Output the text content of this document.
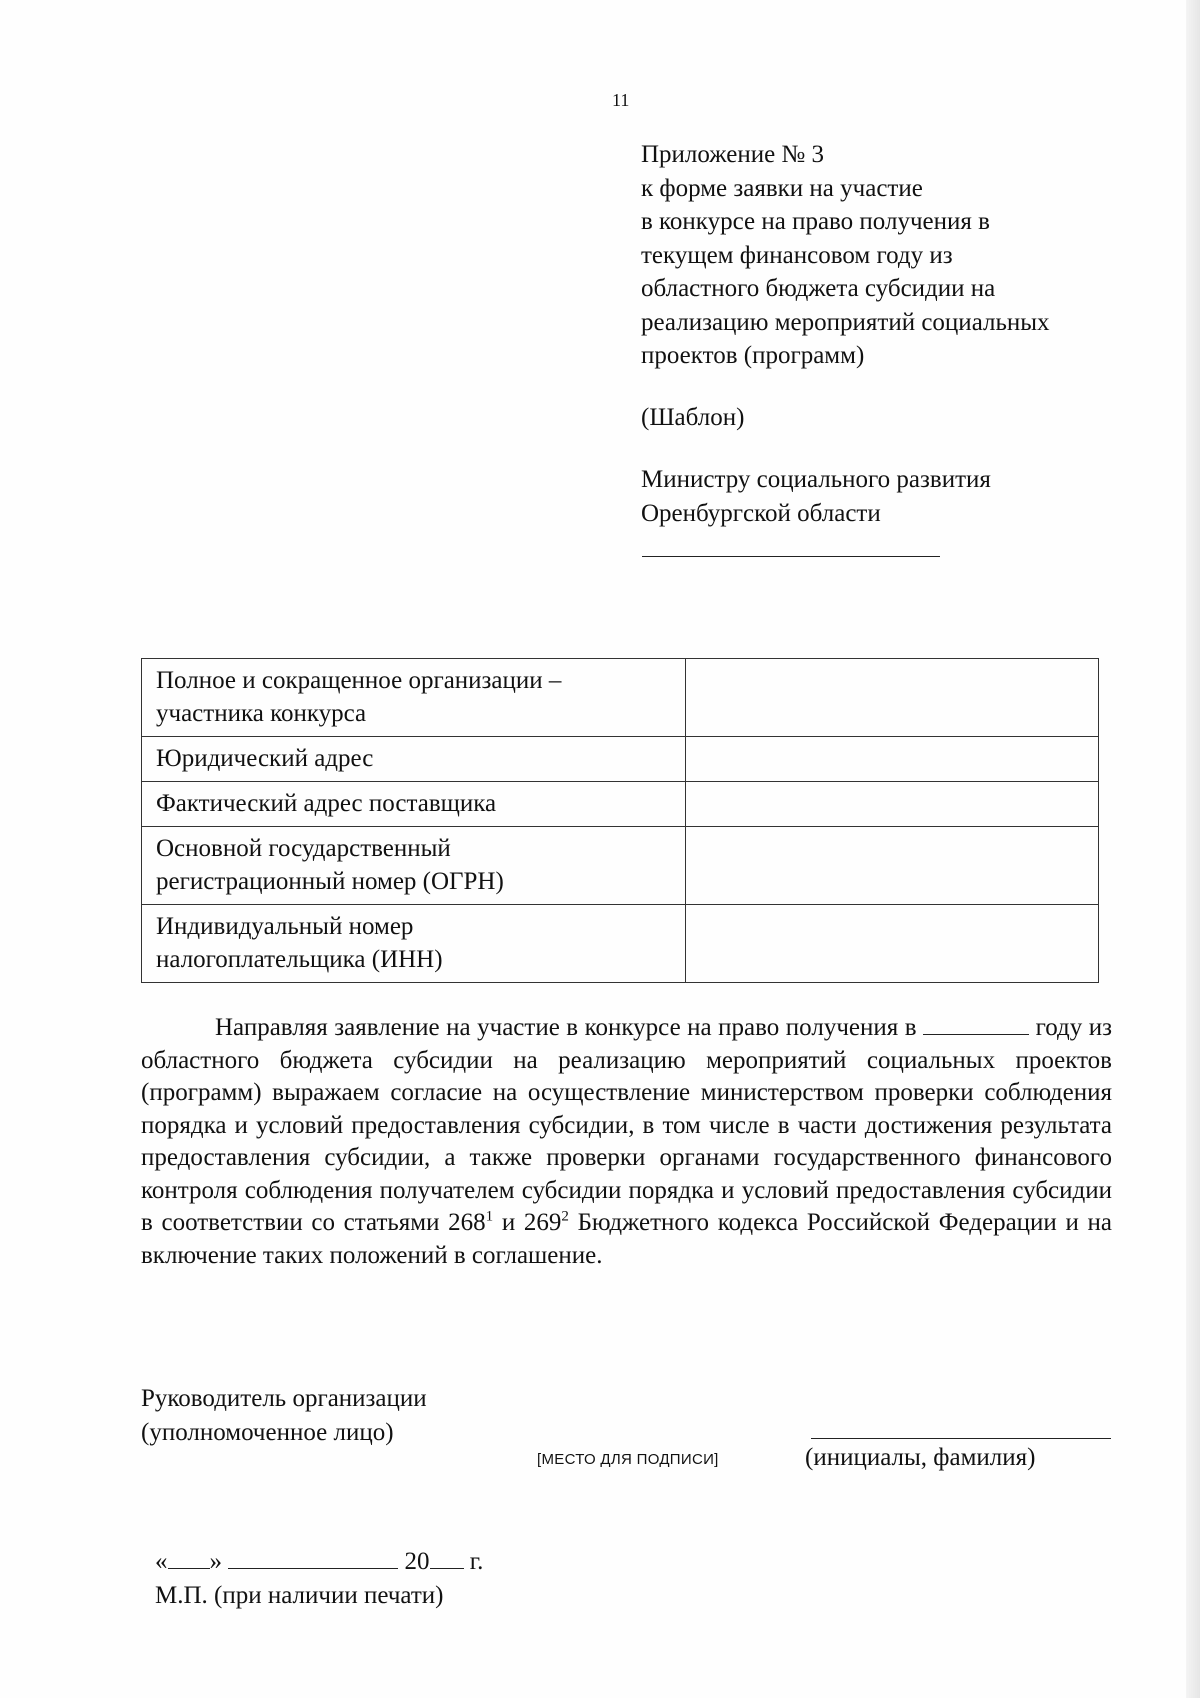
11
Приложение № 3
к форме заявки на участие
в конкурсе на право получения в
текущем финансовом году из
областного бюджета субсидии на
реализацию мероприятий социальных
проектов (программ)
(Шаблон)
Министру социального развития
Оренбургской области
Полное и сокращенное организации –
участника конкурса	

Юридический адрес	

Фактический адрес поставщика	

Основной государственный
регистрационный номер (ОГРН)	

Индивидуальный номер
налогоплательщика (ИНН)	

Направляя заявление на участие в конкурсе на право получения в	году из областного бюджета субсидии на реализацию мероприятий социальных проектов (программ) выражаем согласие на осуществление министерством проверки соблюдения порядка и условий предоставления субсидии, в том числе в части достижения результата предоставления субсидии, а также проверки органами государственного финансового контроля соблюдения получателем субсидии порядка и условий предоставления субсидии в соответствии со статьями $268^1$ и $269^2$ Бюджетного кодекса Российской Федерации и на включение таких положений в соглашение.
Руководитель организации
(уполномоченное лицо)
[МЕСТО ДЛЯ ПОДПИСИ]	(инициалы, фамилия)
« »	20 г.
М.П. (при наличии печати)
